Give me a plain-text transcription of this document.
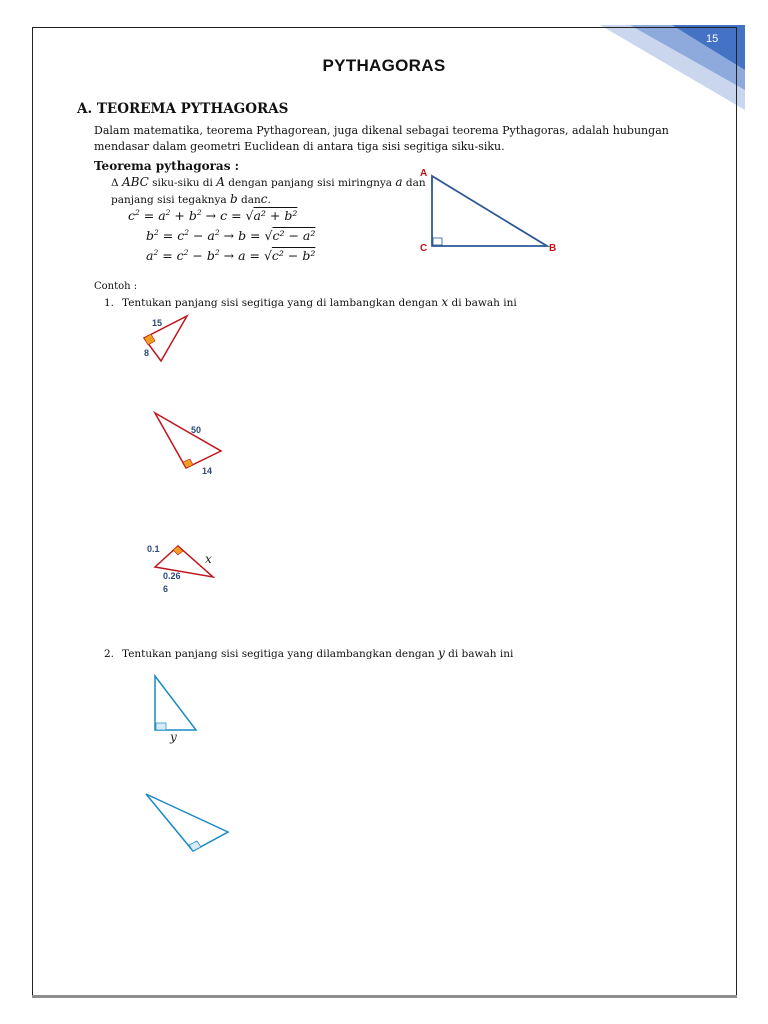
15
PYTHAGORAS
A. TEOREMA PYTHAGORAS
Dalam matematika, teorema Pythagorean, juga dikenal sebagai teorema Pythagoras, adalah hubungan mendasar dalam geometri Euclidean di antara tiga sisi segitiga siku-siku.
Teorema pythagoras :
Δ ABC siku-siku di A dengan panjang sisi miringnya a dan
panjang sisi tegaknya b danc.
$c^2 = a^2 + b^2 \to c = √a^2 + b^2$
$b^2 = c^2 - a^2 \to b = √c^2 - a^2$
$a^2 = c^2 - b^2 \to a = √c^2 - b^2$
A
B
C
Contoh :
1. Tentukan panjang sisi segitiga yang di lambangkan dengan x di bawah ini
15
8
50
14
0.1
0.26
6
x
2. Tentukan panjang sisi segitiga yang dilambangkan dengan y di bawah ini
y
